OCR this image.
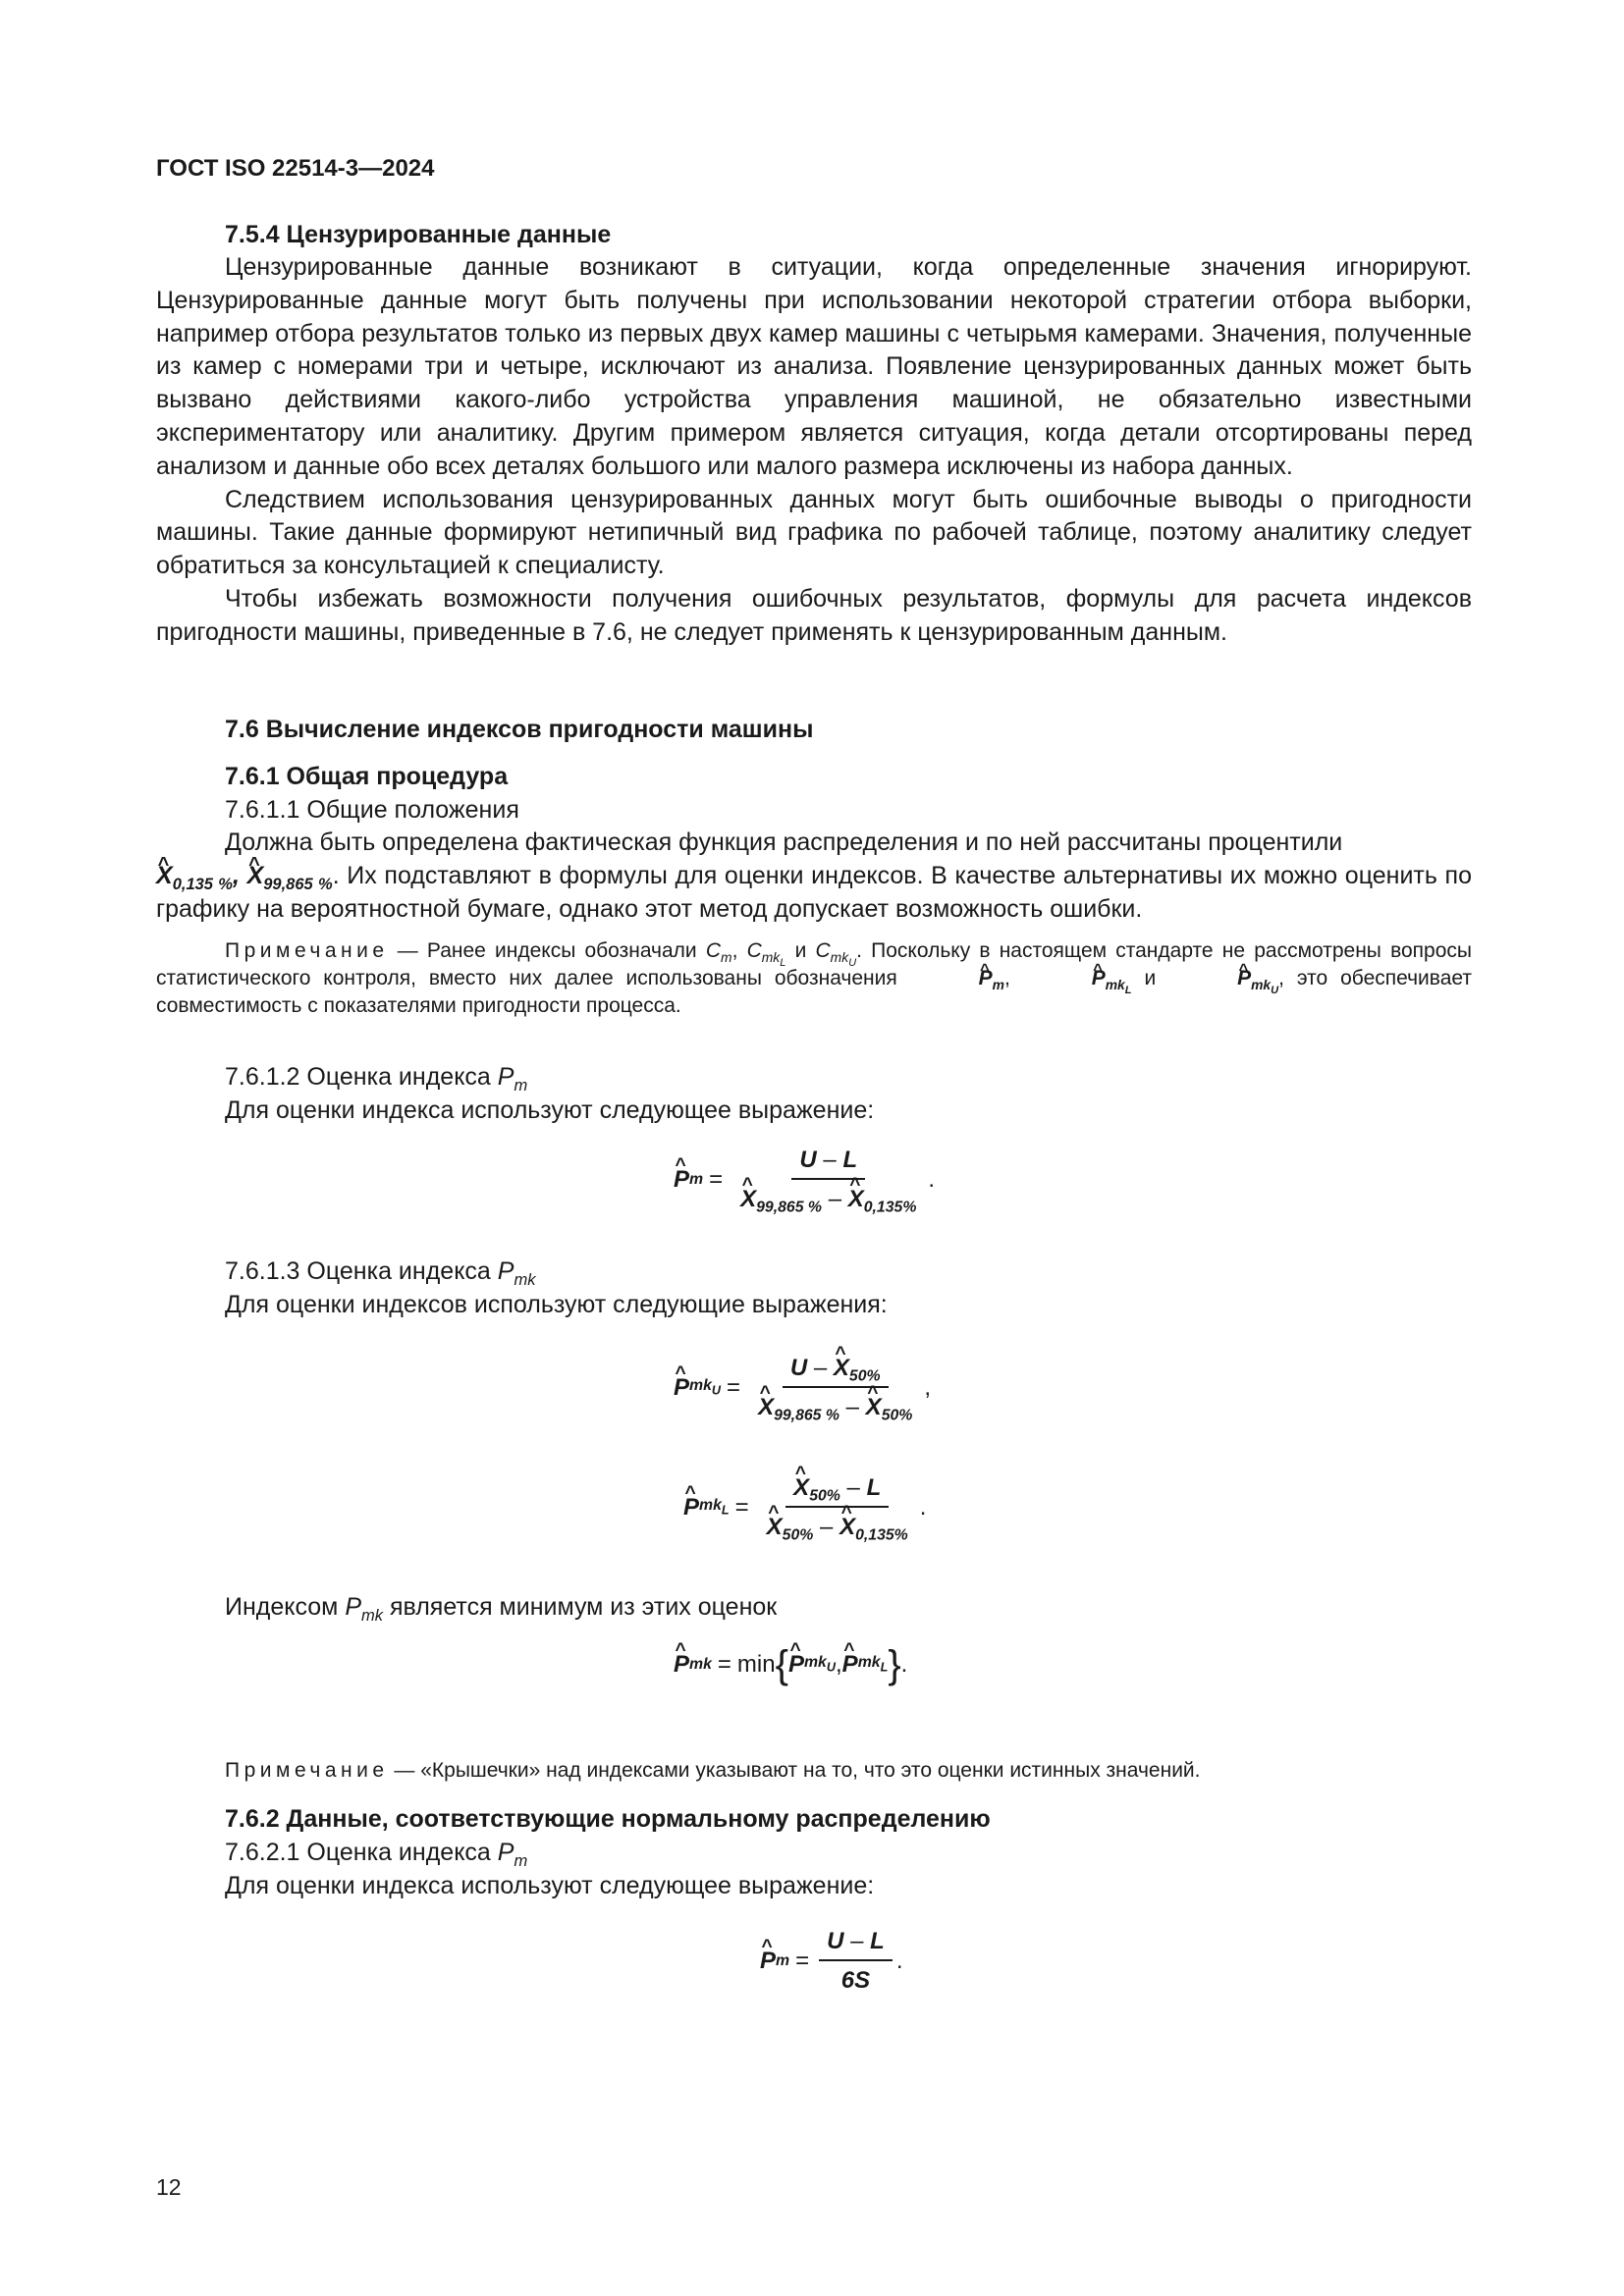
ГОСТ ISO 22514-3—2024
7.5.4 Цензурированные данные

Цензурированные данные возникают в ситуации, когда определенные значения игнорируют. Цензурированные данные могут быть получены при использовании некоторой стратегии отбора выборки, например отбора результатов только из первых двух камер машины с четырьмя камерами. Значения, полученные из камер с номерами три и четыре, исключают из анализа. Появление цензурированных данных может быть вызвано действиями какого-либо устройства управления машиной, не обязательно известными экспериментатору или аналитику. Другим примером является ситуация, когда детали отсортированы перед анализом и данные обо всех деталях большого или малого размера исключены из набора данных.

Следствием использования цензурированных данных могут быть ошибочные выводы о пригодности машины. Такие данные формируют нетипичный вид графика по рабочей таблице, поэтому аналитику следует обратиться за консультацией к специалисту.

Чтобы избежать возможности получения ошибочных результатов, формулы для расчета индексов пригодности машины, приведенные в 7.6, не следует применять к цензурированным данным.

7.6 Вычисление индексов пригодности машины
7.6.1 Общая процедура
7.6.1.1 Общие положения

Должна быть определена фактическая функция распределения и по ней рассчитаны процентили

^ $X_{0,135 \%}$, ^ $X_{99,865 \%}$. Их подставляют в формулы для оценки индексов. В качестве альтернативы их можно оценить по графику на вероятностной бумаге, однако этот метод допускает возможность ошибки.

Примечание — Ранее индексы обозначали $C_m$, $C_{mk_L}$ и $C_{mk_U}$. Поскольку в настоящем стандарте не рассмотрены вопросы статистического контроля, вместо них далее использованы обозначения	^ $P_m$,	^ $P_{mk_L}$ и	^ $P_{mk_U}$, это обеспечивает совместимость с показателями пригодности процесса.
7.6.1.2 Оценка индекса $P_m$
Для оценки индекса используют следующее выражение:
^ P m = U – L
^ $X_{99,865 \%}$ – ^ $X_{0,135\%}$ .
7.6.1.3 Оценка индекса $P_{mk}$
Для оценки индексов используют следующие выражения:
^ P $mk_U = U$ – ^ $X_{50\%}$
^ $X_{99,865 \%}$ – ^ $X_{50\%}$ ,
^ P $mk_L$ = ^ $X_{50\%}$ – L
^ $X_{50\%}$ – ^ $X_{0,135\%}$ .
Индексом $P_{mk}$ является минимум из этих оценок
^ P mk = min { ^ P $mk_U$ , ^ P $mk_L$ } .
Примечание — «Крышечки» над индексами указывают на то, что это оценки истинных значений.
7.6.2 Данные, соответствующие нормальному распределению
7.6.2.1 Оценка индекса $P_m$
Для оценки индекса используют следующее выражение:
^ P $m = \frac{U - L}{6S}$ .
12
